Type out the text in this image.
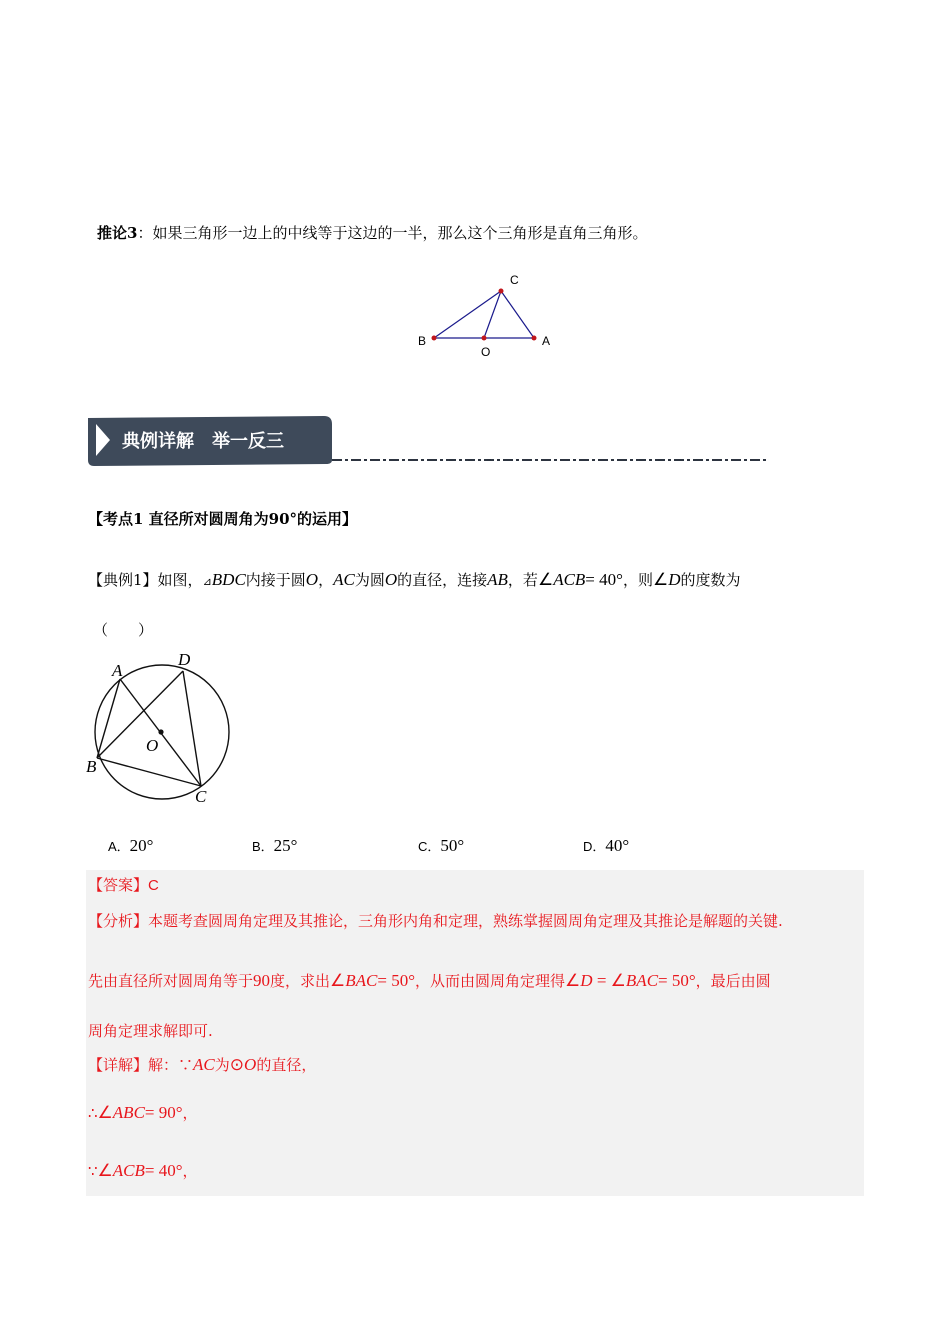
推论3：如果三角形一边上的中线等于这边的一半，那么这个三角形是直角三角形。
C
B
O
A
典例详解　举一反三
【考点1 直径所对圆周角为90°的运用】
【典例1】如图，⊿BDC内接于圆O，AC为圆O的直径，连接AB，若∠ACB= 40°，则∠D的度数为
（　　）
A
D
O
B
C
A．20°	B．25°	C．50°	D．40°
【答案】C
【分析】本题考查圆周角定理及其推论，三角形内角和定理，熟练掌握圆周角定理及其推论是解题的关键.
先由直径所对圆周角等于90度，求出∠BAC= 50°，从而由圆周角定理得∠D = ∠BAC= 50°，最后由圆
周角定理求解即可.
【详解】解：∵AC为⊙O的直径，
∴∠ABC= 90°，
∵∠ACB= 40°，
